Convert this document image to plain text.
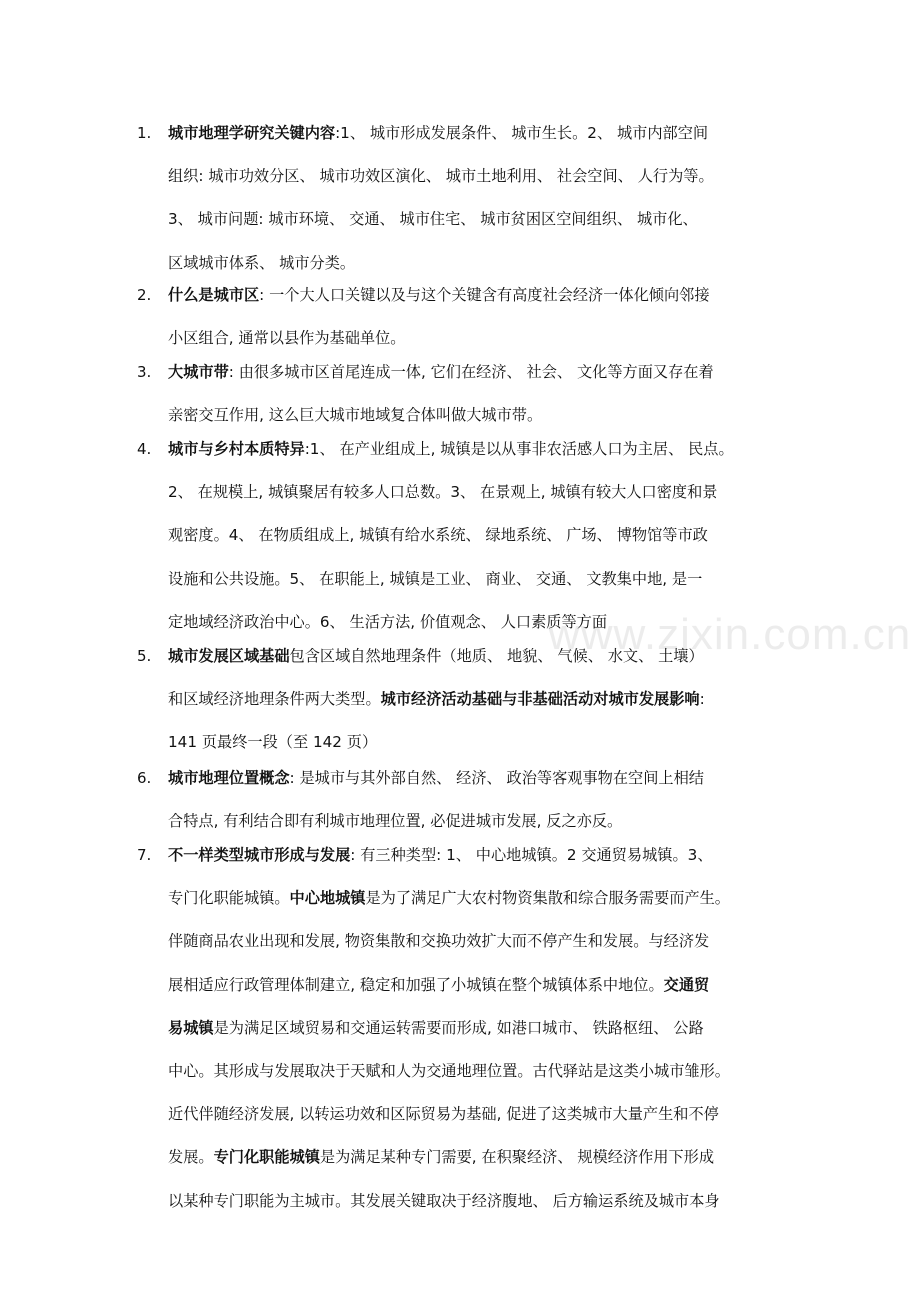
www.zixin.com.cn
1. 城市地理学研究关键内容:1、 城市形成发展条件、 城市生长。2、 城市内部空间
组织: 城市功效分区、 城市功效区演化、 城市土地利用、 社会空间、 人行为等。
3、 城市问题: 城市环境、 交通、 城市住宅、 城市贫困区空间组织、 城市化、
区域城市体系、 城市分类。
2. 什么是城市区: 一个大人口关键以及与这个关键含有高度社会经济一体化倾向邻接
小区组合, 通常以县作为基础单位。
3. 大城市带: 由很多城市区首尾连成一体, 它们在经济、 社会、 文化等方面又存在着
亲密交互作用, 这么巨大城市地域复合体叫做大城市带。
4. 城市与乡村本质特异:1、 在产业组成上, 城镇是以从事非农活感人口为主居、 民点。
2、 在规模上, 城镇聚居有较多人口总数。3、 在景观上, 城镇有较大人口密度和景
观密度。4、 在物质组成上, 城镇有给水系统、 绿地系统、 广场、 博物馆等市政
设施和公共设施。5、 在职能上, 城镇是工业、 商业、 交通、 文教集中地, 是一
定地域经济政治中心。6、 生活方法, 价值观念、 人口素质等方面
5. 城市发展区域基础包含区域自然地理条件（地质、 地貌、 气候、 水文、 土壤）
和区域经济地理条件两大类型。城市经济活动基础与非基础活动对城市发展影响:
141 页最终一段（至 142 页）
6. 城市地理位置概念: 是城市与其外部自然、 经济、 政治等客观事物在空间上相结
合特点, 有利结合即有利城市地理位置, 必促进城市发展, 反之亦反。
7. 不一样类型城市形成与发展: 有三种类型: 1、 中心地城镇。2 交通贸易城镇。3、
专门化职能城镇。中心地城镇是为了满足广大农村物资集散和综合服务需要而产生。
伴随商品农业出现和发展, 物资集散和交换功效扩大而不停产生和发展。与经济发
展相适应行政管理体制建立, 稳定和加强了小城镇在整个城镇体系中地位。交通贸
易城镇是为满足区域贸易和交通运转需要而形成, 如港口城市、 铁路枢纽、 公路
中心。其形成与发展取决于天赋和人为交通地理位置。古代驿站是这类小城市雏形。
近代伴随经济发展, 以转运功效和区际贸易为基础, 促进了这类城市大量产生和不停
发展。专门化职能城镇是为满足某种专门需要, 在积聚经济、 规模经济作用下形成
以某种专门职能为主城市。其发展关键取决于经济腹地、 后方输运系统及城市本身
